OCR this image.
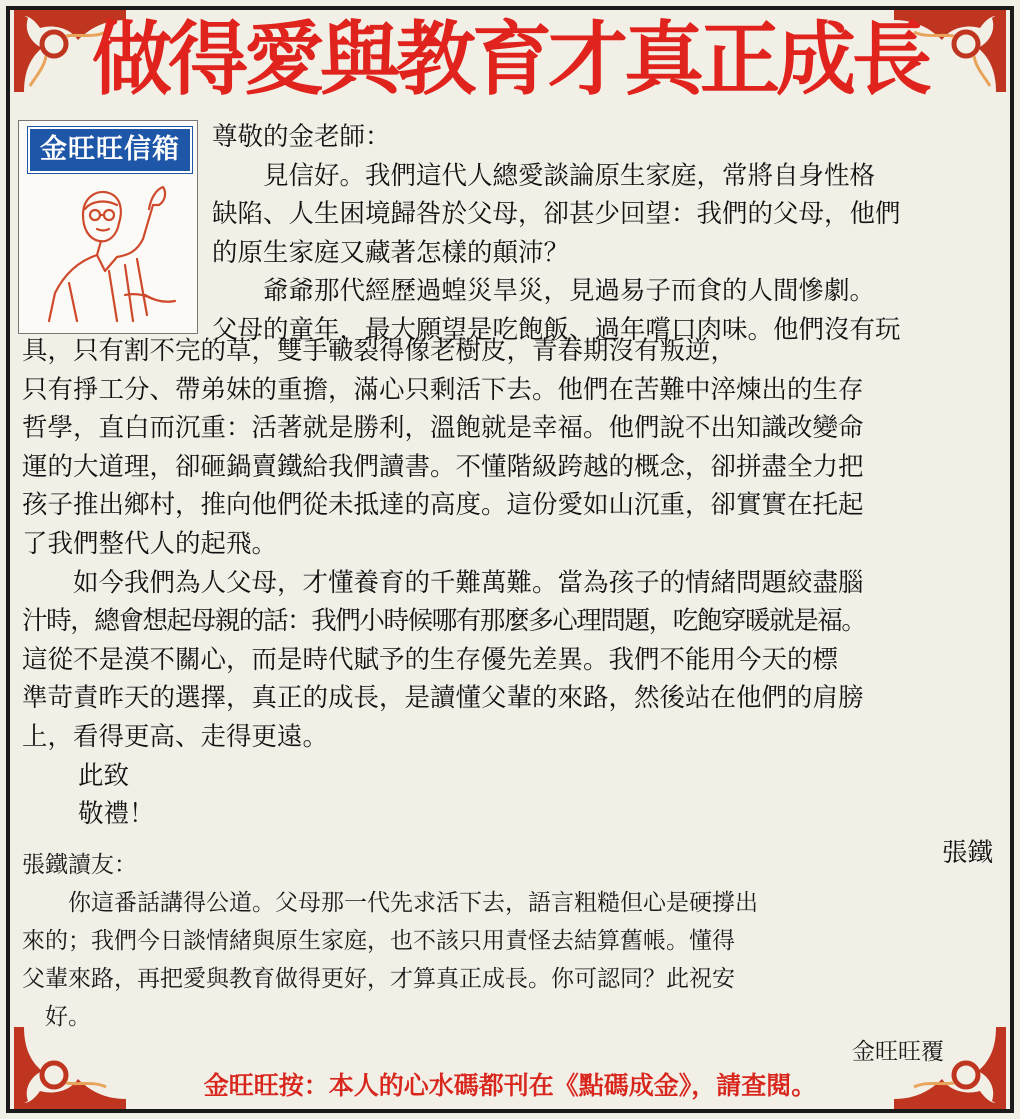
做得愛與教育才真正成長
金旺旺信箱	尊敬的金老師：

　　見信好。我們這代人總愛談論原生家庭，常將自身性格

缺陷、人生困境歸咎於父母，卻甚少回望：我們的父母，他們

的原生家庭又藏著怎樣的顛沛？

　　爺爺那代經歷過蝗災旱災，見過易子而食的人間慘劇。

父母的童年，最大願望是吃飽飯、過年嚐口肉味。他們沒有玩

具，只有割不完的草，雙手皸裂得像老樹皮，青春期沒有叛逆，

只有掙工分、帶弟妹的重擔，滿心只剩活下去。他們在苦難中淬煉出的生存

哲學，直白而沉重：活著就是勝利，溫飽就是幸福。他們說不出知識改變命

運的大道理，卻砸鍋賣鐵給我們讀書。不懂階級跨越的概念，卻拼盡全力把

孩子推出鄉村，推向他們從未抵達的高度。這份愛如山沉重，卻實實在托起

了我們整代人的起飛。

　　如今我們為人父母，才懂養育的千難萬難。當為孩子的情緒問題絞盡腦

汁時，總會想起母親的話：我們小時候哪有那麼多心理問題，吃飽穿暖就是福。

這從不是漠不關心，而是時代賦予的生存優先差異。我們不能用今天的標

準苛責昨天的選擇，真正的成長，是讀懂父輩的來路，然後站在他們的肩膀

上，看得更高、走得更遠。

此致

敬禮！

張鐵

張鐵讀友：

　　你這番話講得公道。父母那一代先求活下去，語言粗糙但心是硬撐出

來的；我們今日談情緒與原生家庭，也不該只用責怪去結算舊帳。懂得

父輩來路，再把愛與教育做得更好，才算真正成長。你可認同？此祝安

　好。

金旺旺覆
金旺旺按：本人的心水碼都刊在《點碼成金》，請查閱。
